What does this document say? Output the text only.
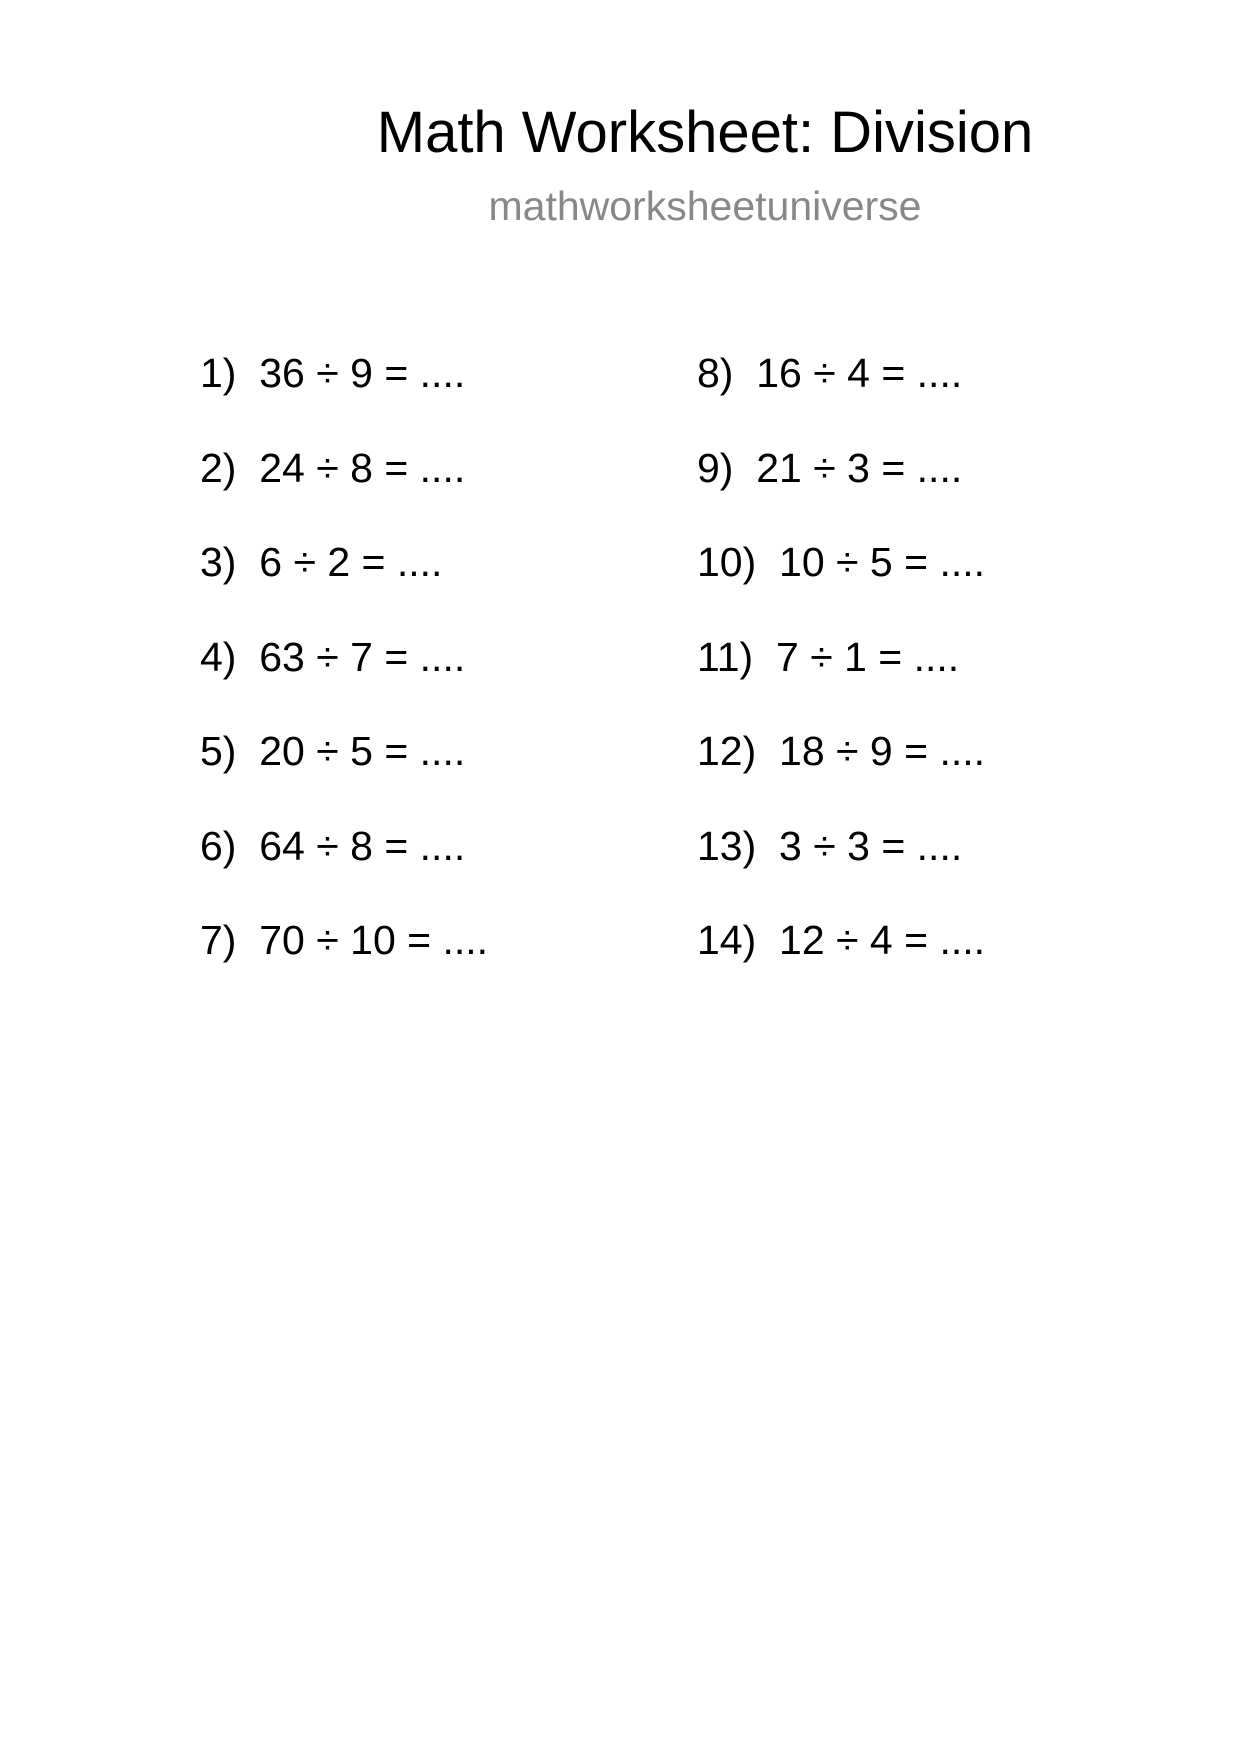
Math Worksheet: Division
mathworksheetuniverse
1)  36 ÷ 9 = ....
2)  24 ÷ 8 = ....
3)  6 ÷ 2 = ....
4)  63 ÷ 7 = ....
5)  20 ÷ 5 = ....
6)  64 ÷ 8 = ....
7)  70 ÷ 10 = ....
8)  16 ÷ 4 = ....
9)  21 ÷ 3 = ....
10)  10 ÷ 5 = ....
11)  7 ÷ 1 = ....
12)  18 ÷ 9 = ....
13)  3 ÷ 3 = ....
14)  12 ÷ 4 = ....
